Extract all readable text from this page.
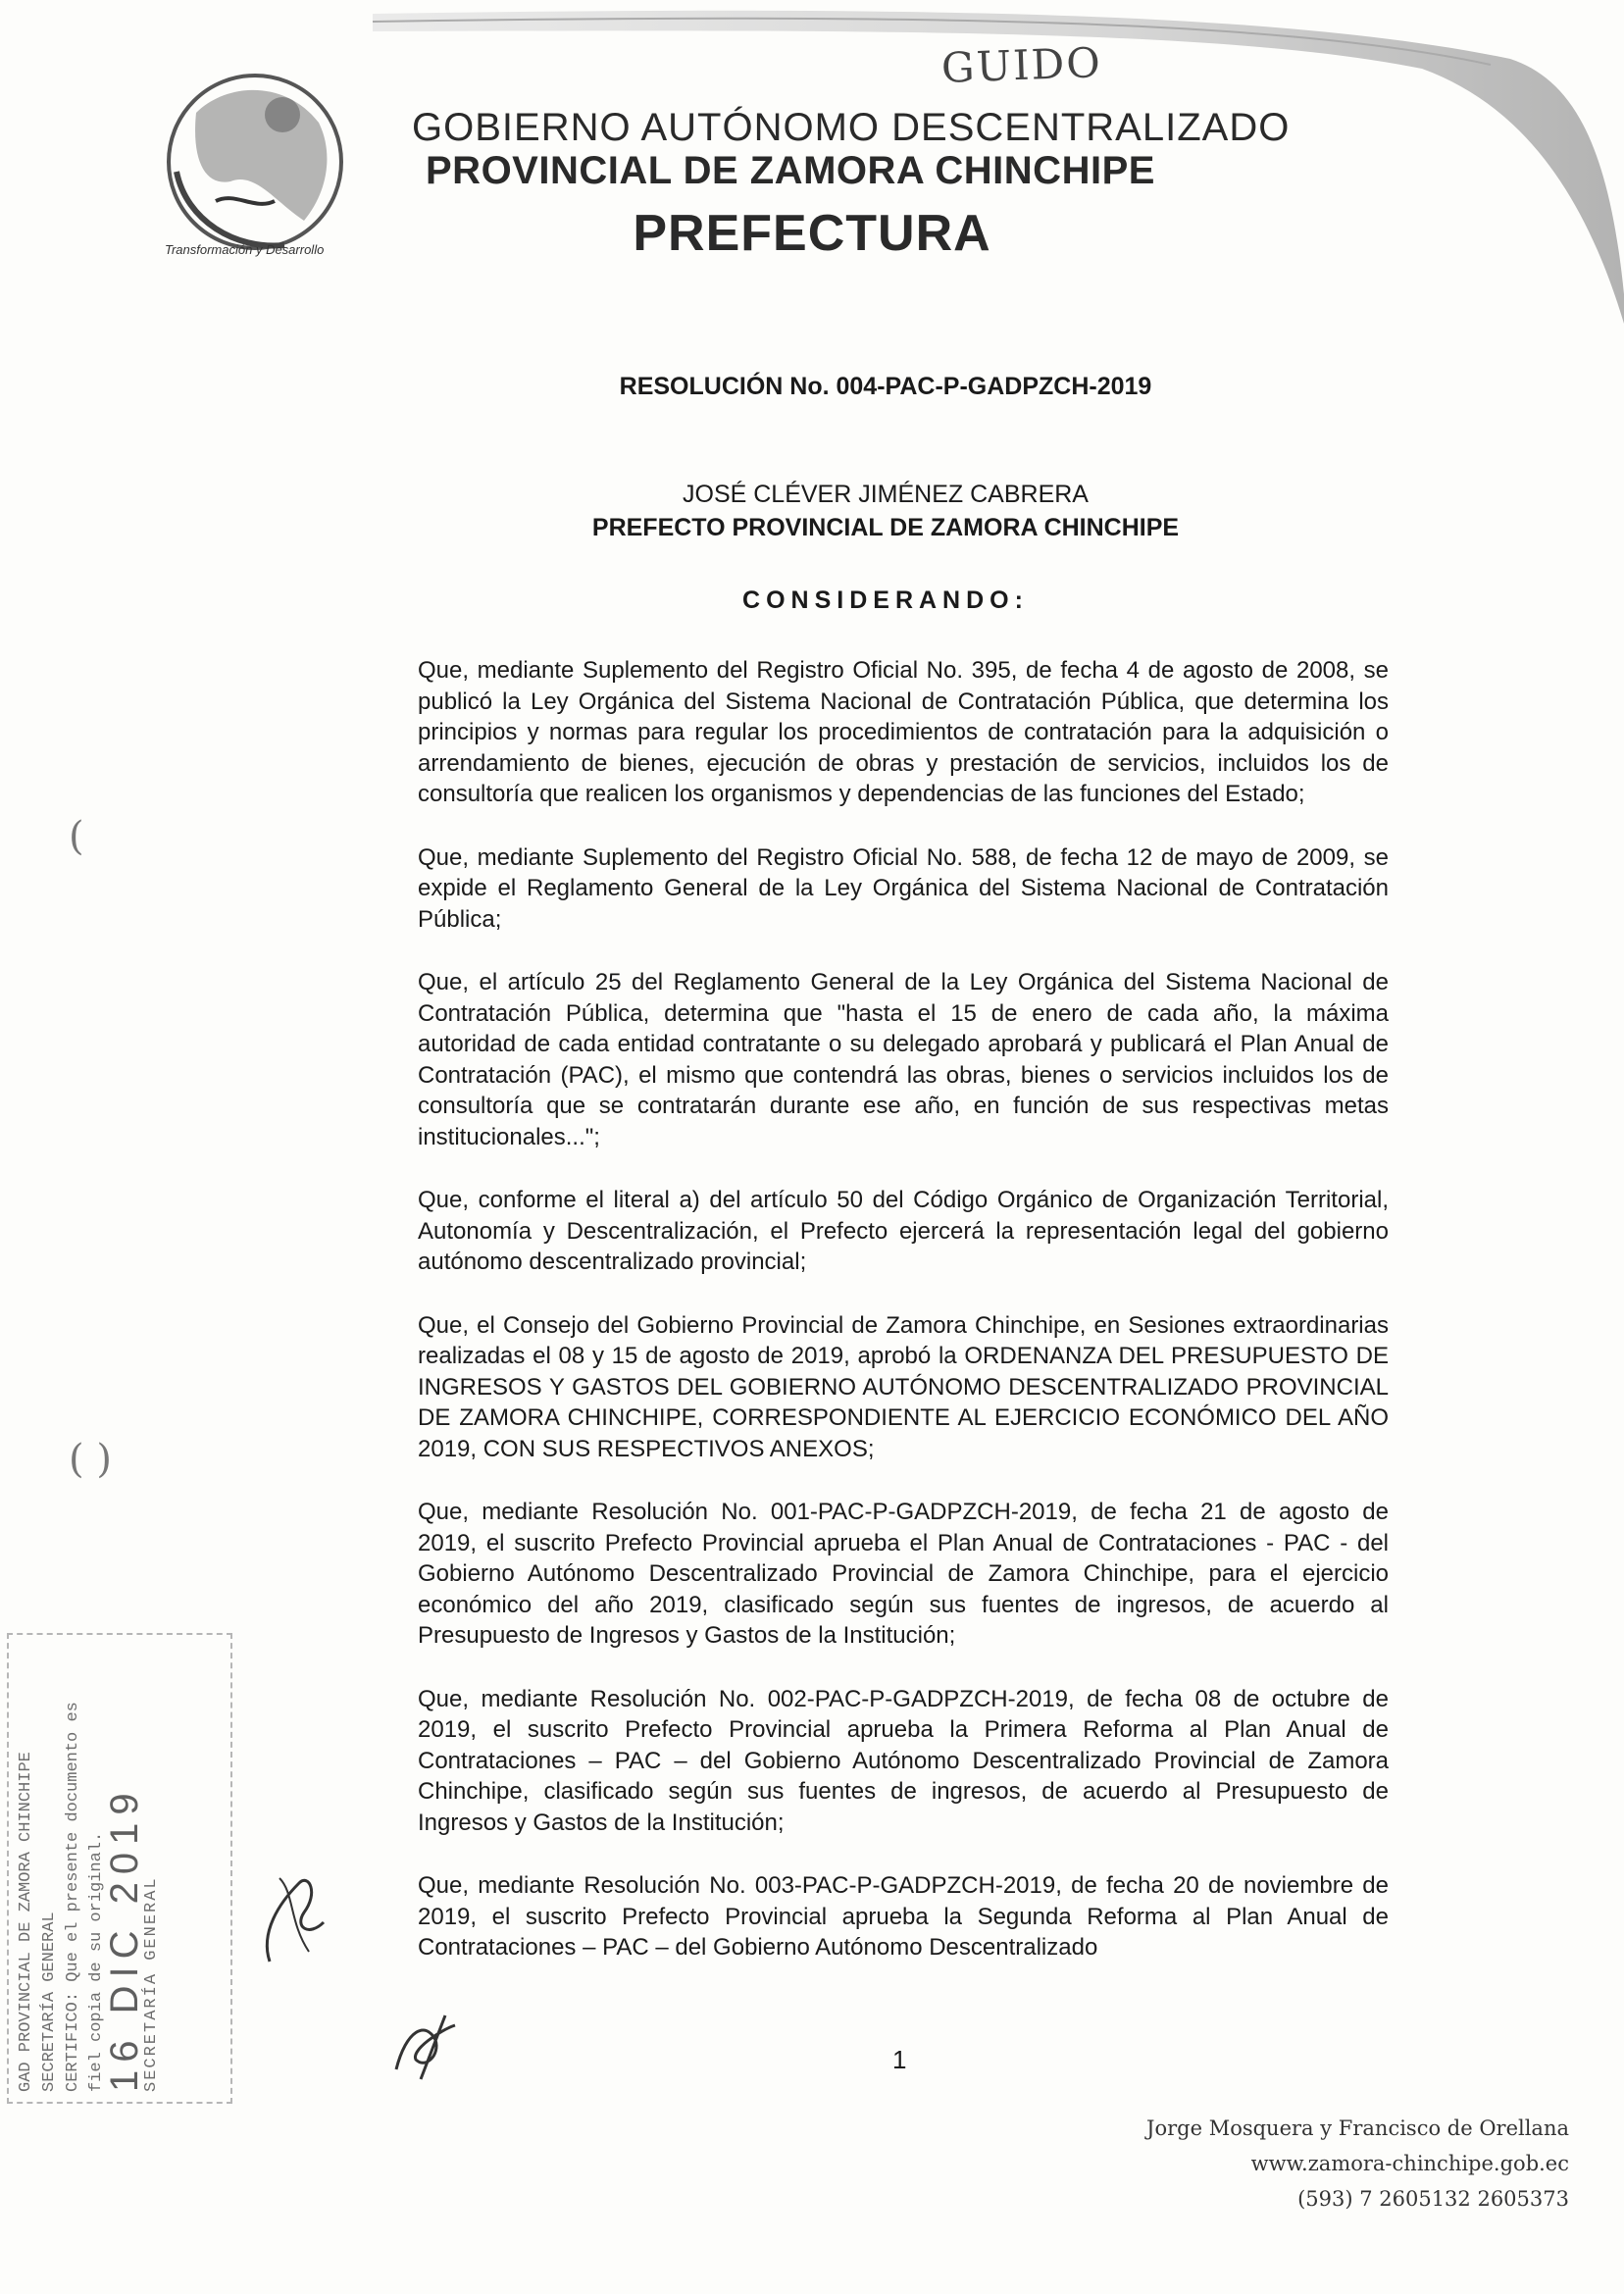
Transformación y Desarrollo
GUIDO
GOBIERNO AUTÓNOMO DESCENTRALIZADO
PROVINCIAL DE ZAMORA CHINCHIPE
PREFECTURA
RESOLUCIÓN No. 004-PAC-P-GADPZCH-2019
JOSÉ CLÉVER JIMÉNEZ CABRERA
PREFECTO PROVINCIAL DE ZAMORA CHINCHIPE
CONSIDERANDO:

Que, mediante Suplemento del Registro Oficial No. 395, de fecha 4 de agosto de 2008, se publicó la Ley Orgánica del Sistema Nacional de Contratación Pública, que determina los principios y normas para regular los procedimientos de contratación para la adquisición o arrendamiento de bienes, ejecución de obras y prestación de servicios, incluidos los de consultoría que realicen los organismos y dependencias de las funciones del Estado;

Que, mediante Suplemento del Registro Oficial No. 588, de fecha 12 de mayo de 2009, se expide el Reglamento General de la Ley Orgánica del Sistema Nacional de Contratación Pública;

Que, el artículo 25 del Reglamento General de la Ley Orgánica del Sistema Nacional de Contratación Pública, determina que "hasta el 15 de enero de cada año, la máxima autoridad de cada entidad contratante o su delegado aprobará y publicará el Plan Anual de Contratación (PAC), el mismo que contendrá las obras, bienes o servicios incluidos los de consultoría que se contratarán durante ese año, en función de sus respectivas metas institucionales...";

Que, conforme el literal a) del artículo 50 del Código Orgánico de Organización Territorial, Autonomía y Descentralización, el Prefecto ejercerá la representación legal del gobierno autónomo descentralizado provincial;

Que, el Consejo del Gobierno Provincial de Zamora Chinchipe, en Sesiones extraordinarias realizadas el 08 y 15 de agosto de 2019, aprobó la ORDENANZA DEL PRESUPUESTO DE INGRESOS Y GASTOS DEL GOBIERNO AUTÓNOMO DESCENTRALIZADO PROVINCIAL DE ZAMORA CHINCHIPE, CORRESPONDIENTE AL EJERCICIO ECONÓMICO DEL AÑO 2019, CON SUS RESPECTIVOS ANEXOS;

Que, mediante Resolución No. 001-PAC-P-GADPZCH-2019, de fecha 21 de agosto de 2019, el suscrito Prefecto Provincial aprueba el Plan Anual de Contrataciones - PAC - del Gobierno Autónomo Descentralizado Provincial de Zamora Chinchipe, para el ejercicio económico del año 2019, clasificado según sus fuentes de ingresos, de acuerdo al Presupuesto de Ingresos y Gastos de la Institución;

Que, mediante Resolución No. 002-PAC-P-GADPZCH-2019, de fecha 08 de octubre de 2019, el suscrito Prefecto Provincial aprueba la Primera Reforma al Plan Anual de Contrataciones – PAC – del Gobierno Autónomo Descentralizado Provincial de Zamora Chinchipe, clasificado según sus fuentes de ingresos, de acuerdo al Presupuesto de Ingresos y Gastos de la Institución;

Que, mediante Resolución No. 003-PAC-P-GADPZCH-2019, de fecha 20 de noviembre de 2019, el suscrito Prefecto Provincial aprueba la Segunda Reforma al Plan Anual de Contrataciones – PAC – del Gobierno Autónomo Descentralizado

(
( )
GAD PROVINCIAL DE ZAMORA CHINCHIPE SECRETARÍA GENERAL CERTIFICO: Que el presente documento es fiel copia de su original.
16 DIC 2019
SECRETARÍA GENERAL	1
Jorge Mosquera y Francisco de Orellana
www.zamora-chinchipe.gob.ec
(593) 7 2605132 2605373
